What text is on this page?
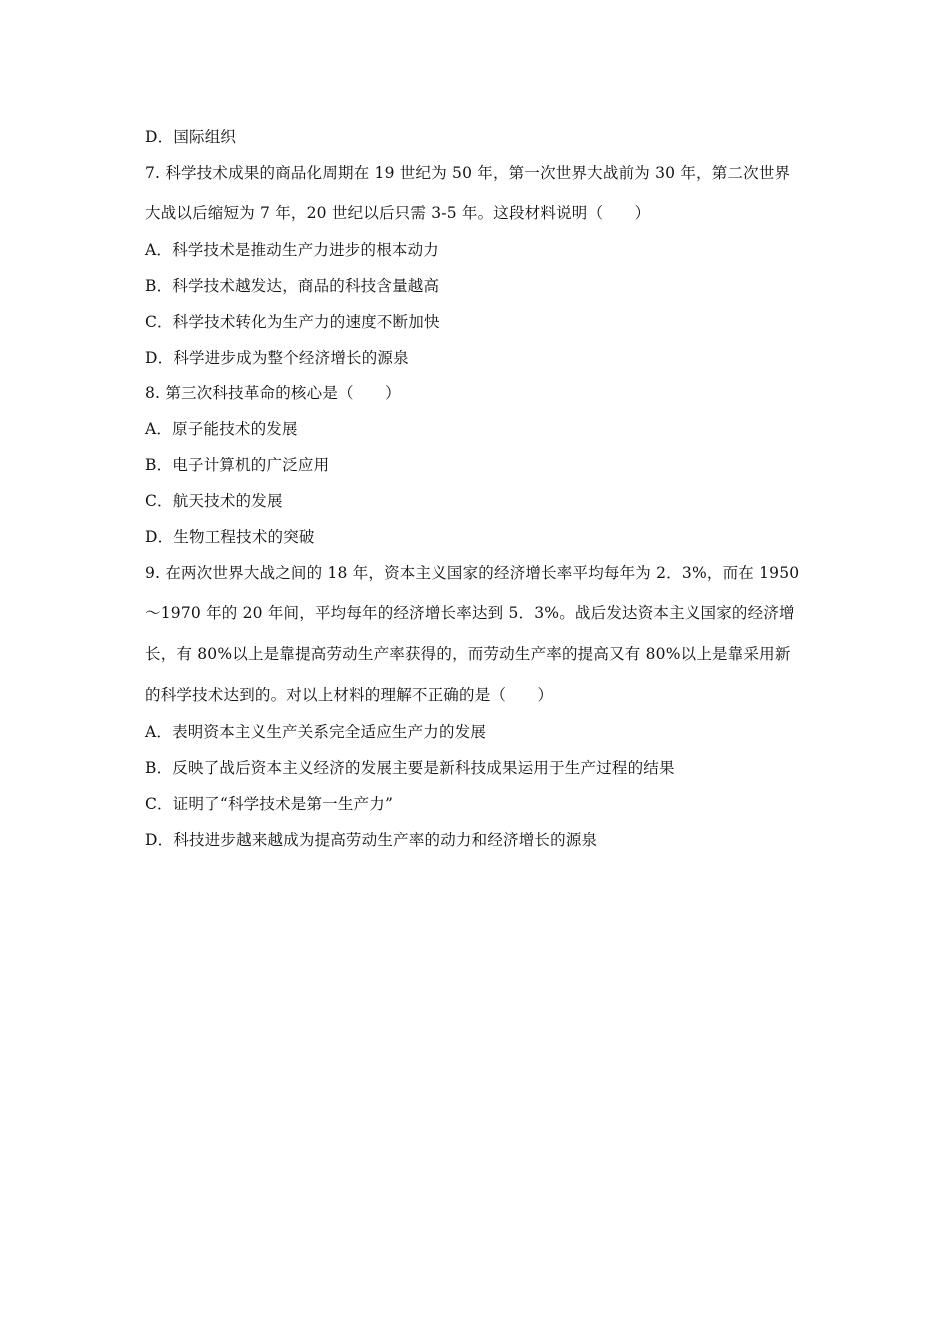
D．国际组织
7. 科学技术成果的商品化周期在 19 世纪为 50 年，第一次世界大战前为 30 年，第二次世界
大战以后缩短为 7 年，20 世纪以后只需 3-5 年。这段材料说明（　　）
A．科学技术是推动生产力进步的根本动力
B．科学技术越发达，商品的科技含量越高
C．科学技术转化为生产力的速度不断加快
D．科学进步成为整个经济增长的源泉
8. 第三次科技革命的核心是（　　）
A．原子能技术的发展
B．电子计算机的广泛应用
C．航天技术的发展
D．生物工程技术的突破
9. 在两次世界大战之间的 18 年，资本主义国家的经济增长率平均每年为 2．3%，而在 1950
～1970 年的 20 年间，平均每年的经济增长率达到 5．3%。战后发达资本主义国家的经济增
长，有 80%以上是靠提高劳动生产率获得的，而劳动生产率的提高又有 80%以上是靠采用新
的科学技术达到的。对以上材料的理解不正确的是（　　）
A．表明资本主义生产关系完全适应生产力的发展
B．反映了战后资本主义经济的发展主要是新科技成果运用于生产过程的结果
C．证明了“科学技术是第一生产力”
D．科技进步越来越成为提高劳动生产率的动力和经济增长的源泉
